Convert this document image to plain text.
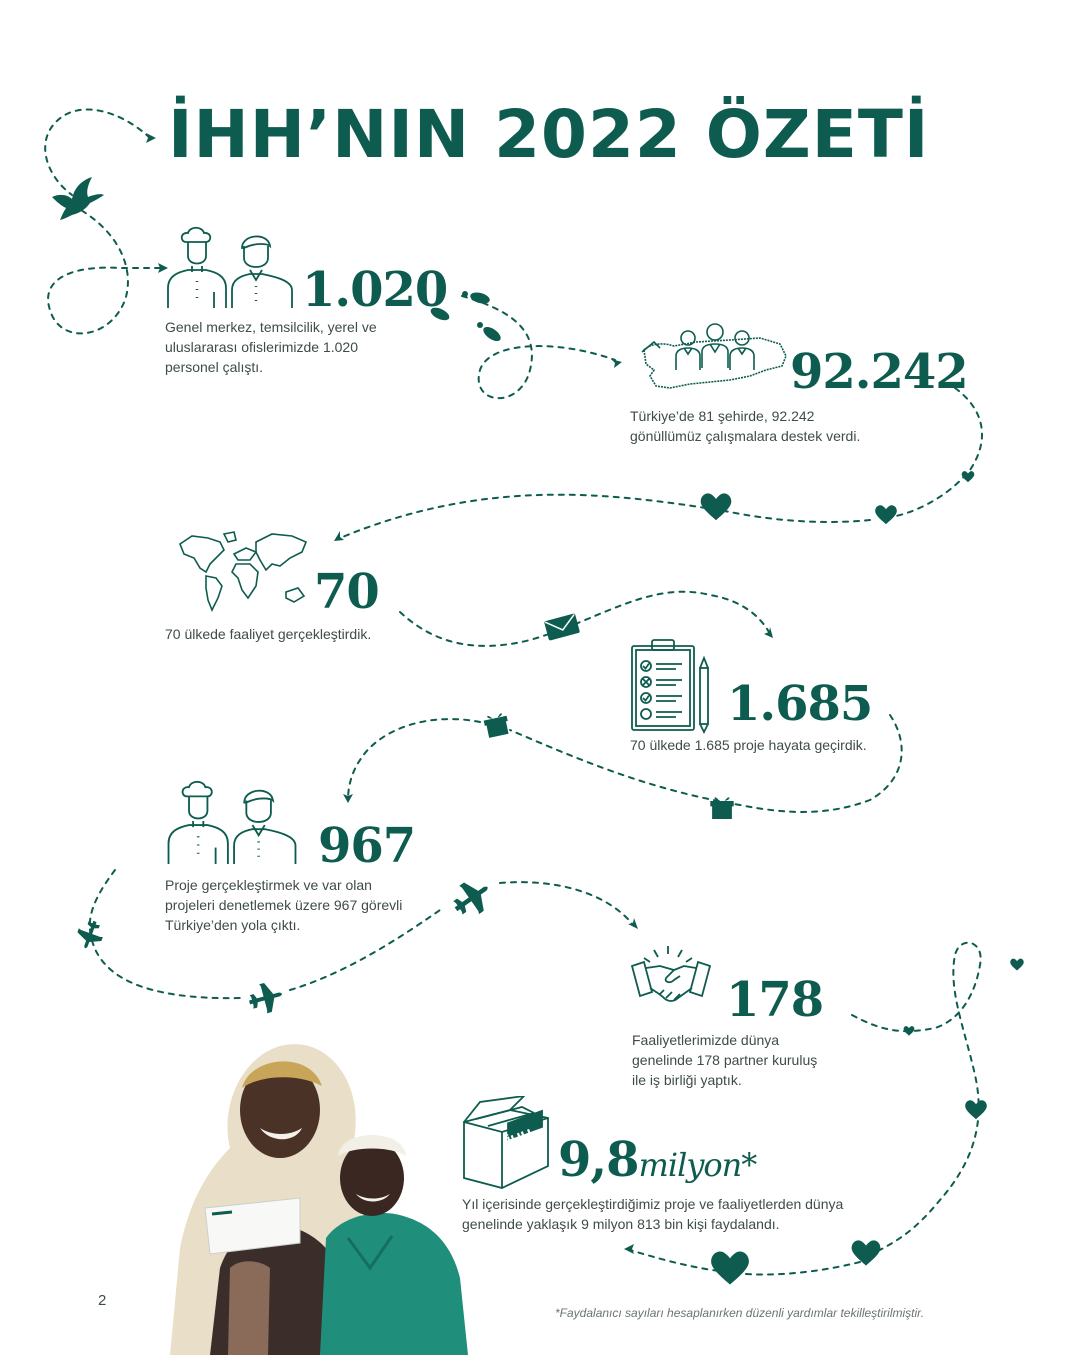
İHH’NIN 2022 ÖZETİ

1.020

Genel merkez, temsilcilik, yerel ve
uluslararası ofislerimizde 1.020
personel çalıştı.	92.242

Türkiye’de 81 şehirde, 92.242
gönüllümüz çalışmalara destek verdi.

70

70 ülkede faaliyet gerçekleştirdik.

1.685

70 ülkede 1.685 proje hayata geçirdik.

967

Proje gerçekleştirmek ve var olan
projeleri denetlemek üzere 967 görevli
Türkiye’den yola çıktı.

178

Faaliyetlerimizde dünya
genelinde 178 partner kuruluş
ile iş birliği yaptık.

İHH 9,8milyon*

Yıl içerisinde gerçekleştirdiğimiz proje ve faaliyetlerden dünya
genelinde yaklaşık 9 milyon 813 bin kişi faydalandı.

2
*Faydalanıcı sayıları hesaplanırken düzenli yardımlar tekilleştirilmiştir.
